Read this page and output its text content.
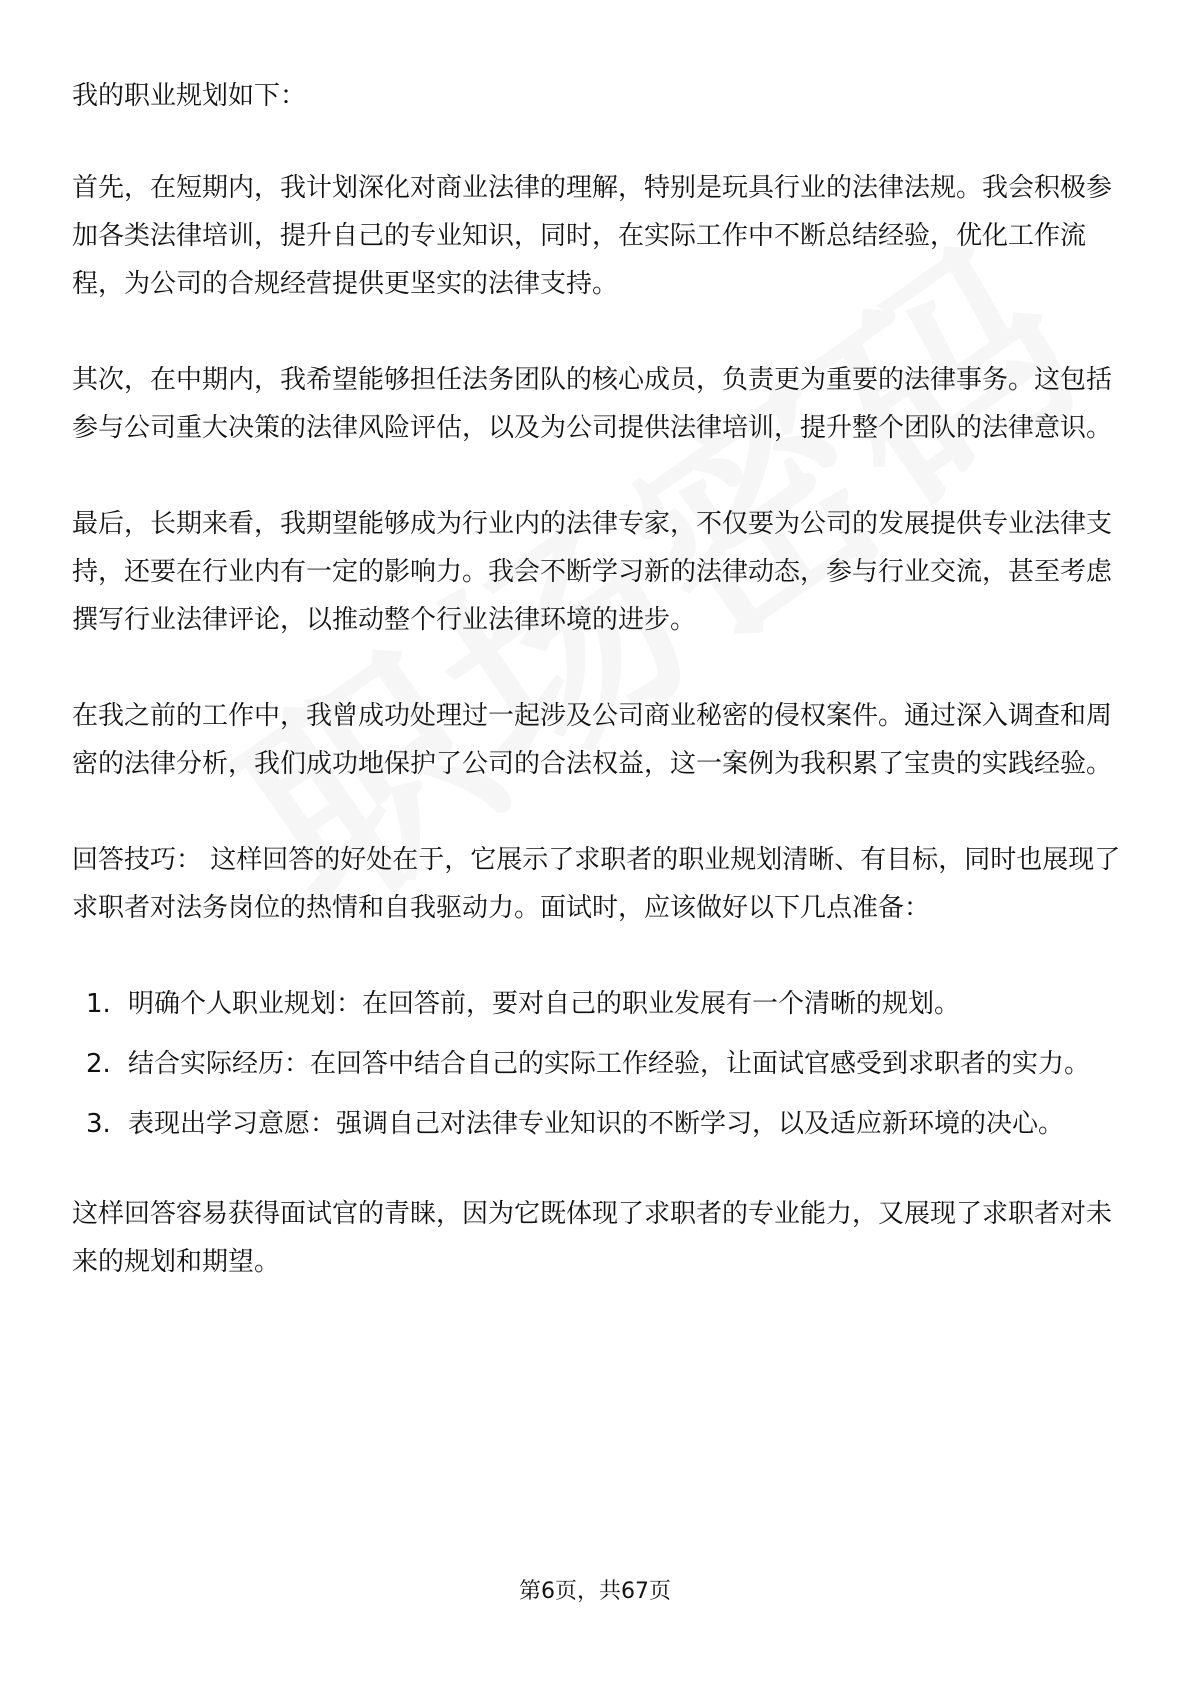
我的职业规划如下：

首先，在短期内，我计划深化对商业法律的理解，特别是玩具行业的法律法规。我会积极参加各类法律培训，提升自己的专业知识，同时，在实际工作中不断总结经验，优化工作流程，为公司的合规经营提供更坚实的法律支持。

其次，在中期内，我希望能够担任法务团队的核心成员，负责更为重要的法律事务。这包括参与公司重大决策的法律风险评估，以及为公司提供法律培训，提升整个团队的法律意识。

最后，长期来看，我期望能够成为行业内的法律专家，不仅要为公司的发展提供专业法律支持，还要在行业内有一定的影响力。我会不断学习新的法律动态，参与行业交流，甚至考虑撰写行业法律评论，以推动整个行业法律环境的进步。

在我之前的工作中，我曾成功处理过一起涉及公司商业秘密的侵权案件。通过深入调查和周密的法律分析，我们成功地保护了公司的合法权益，这一案例为我积累了宝贵的实践经验。

回答技巧： 这样回答的好处在于，它展示了求职者的职业规划清晰、有目标，同时也展现了求职者对法务岗位的热情和自我驱动力。面试时，应该做好以下几点准备：

1. 明确个人职业规划：在回答前，要对自己的职业发展有一个清晰的规划。
2. 结合实际经历：在回答中结合自己的实际工作经验，让面试官感受到求职者的实力。
3. 表现出学习意愿：强调自己对法律专业知识的不断学习，以及适应新环境的决心。

这样回答容易获得面试官的青睐，因为它既体现了求职者的专业能力，又展现了求职者对未来的规划和期望。

第6页，共67页
